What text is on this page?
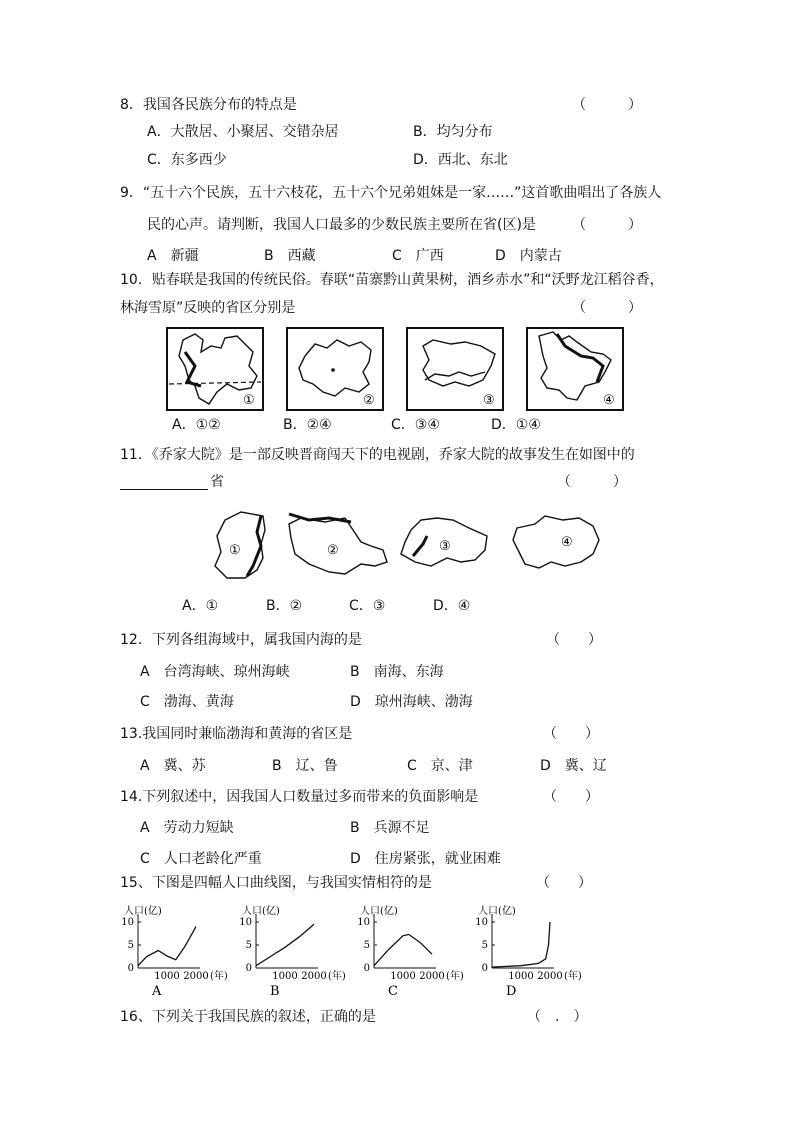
8．我国各民族分布的特点是	（　　　）
A．大散居、小聚居、交错杂居	B．均匀分布
C．东多西少	D．西北、东北
9．“五十六个民族，五十六枝花，五十六个兄弟姐妹是一家……”这首歌曲唱出了各族人
民的心声。请判断，我国人口最多的少数民族主要所在省(区)是	（　　　）
A　新疆	B　西藏	C　广西	D　内蒙古
10．贴春联是我国的传统民俗。春联“苗寨黔山黄果树，酒乡赤水”和“沃野龙江稻谷香，
林海雪原”反映的省区分别是	（　　　）
①	②	③	④
A．①②	B．②④	C．③④	D．①④
11．《乔家大院》是一部反映晋商闯天下的电视剧，乔家大院的故事发生在如图中的
省	（　　　）
①	②	③	④
A．①	B．②	C．③	D．④
12．下列各组海域中，属我国内海的是	（　　）
A　台湾海峡、琼州海峡	B　南海、东海
C　渤海、黄海	D　琼州海峡、渤海
13.我国同时兼临渤海和黄海的省区是	（　　）
A　冀、苏	B　辽、鲁	C　京、津	D　冀、辽
14.下列叙述中，因我国人口数量过多而带来的负面影响是	（　　）
A　劳动力短缺	B　兵源不足
C　人口老龄化严重	D　住房紧张，就业困难
15、下图是四幅人口曲线图，与我国实情相符的是	（　　）
人口(亿)
0
5
10
1000 2000 (年)
A
人口(亿)
0
5
10
1000 2000 (年)
B
人口(亿)
0
5
10
1000 2000 (年)
C
人口(亿)
0
5
10
1000 2000 (年)
D
16、下列关于我国民族的叙述，正确的是	（　.　）
